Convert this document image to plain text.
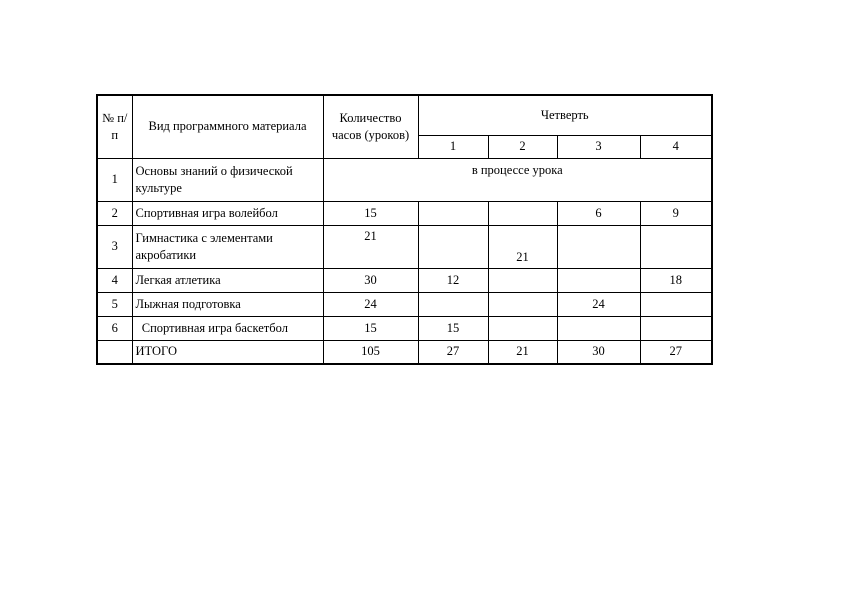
№ п/п	Вид программного материала	Количество часов (уроков)	Четверть			
			1	2	3	4
1	Основы знаний о физической культуре	в процессе урока				
2	Спортивная игра волейбол	15			6	9
3	Гимнастика с элементами акробатики	21		21		
4	Легкая атлетика	30	12			18
5	Лыжная подготовка	24			24	
6	Спортивная игра баскетбол	15	15			
	ИТОГО	105	27	21	30	27
